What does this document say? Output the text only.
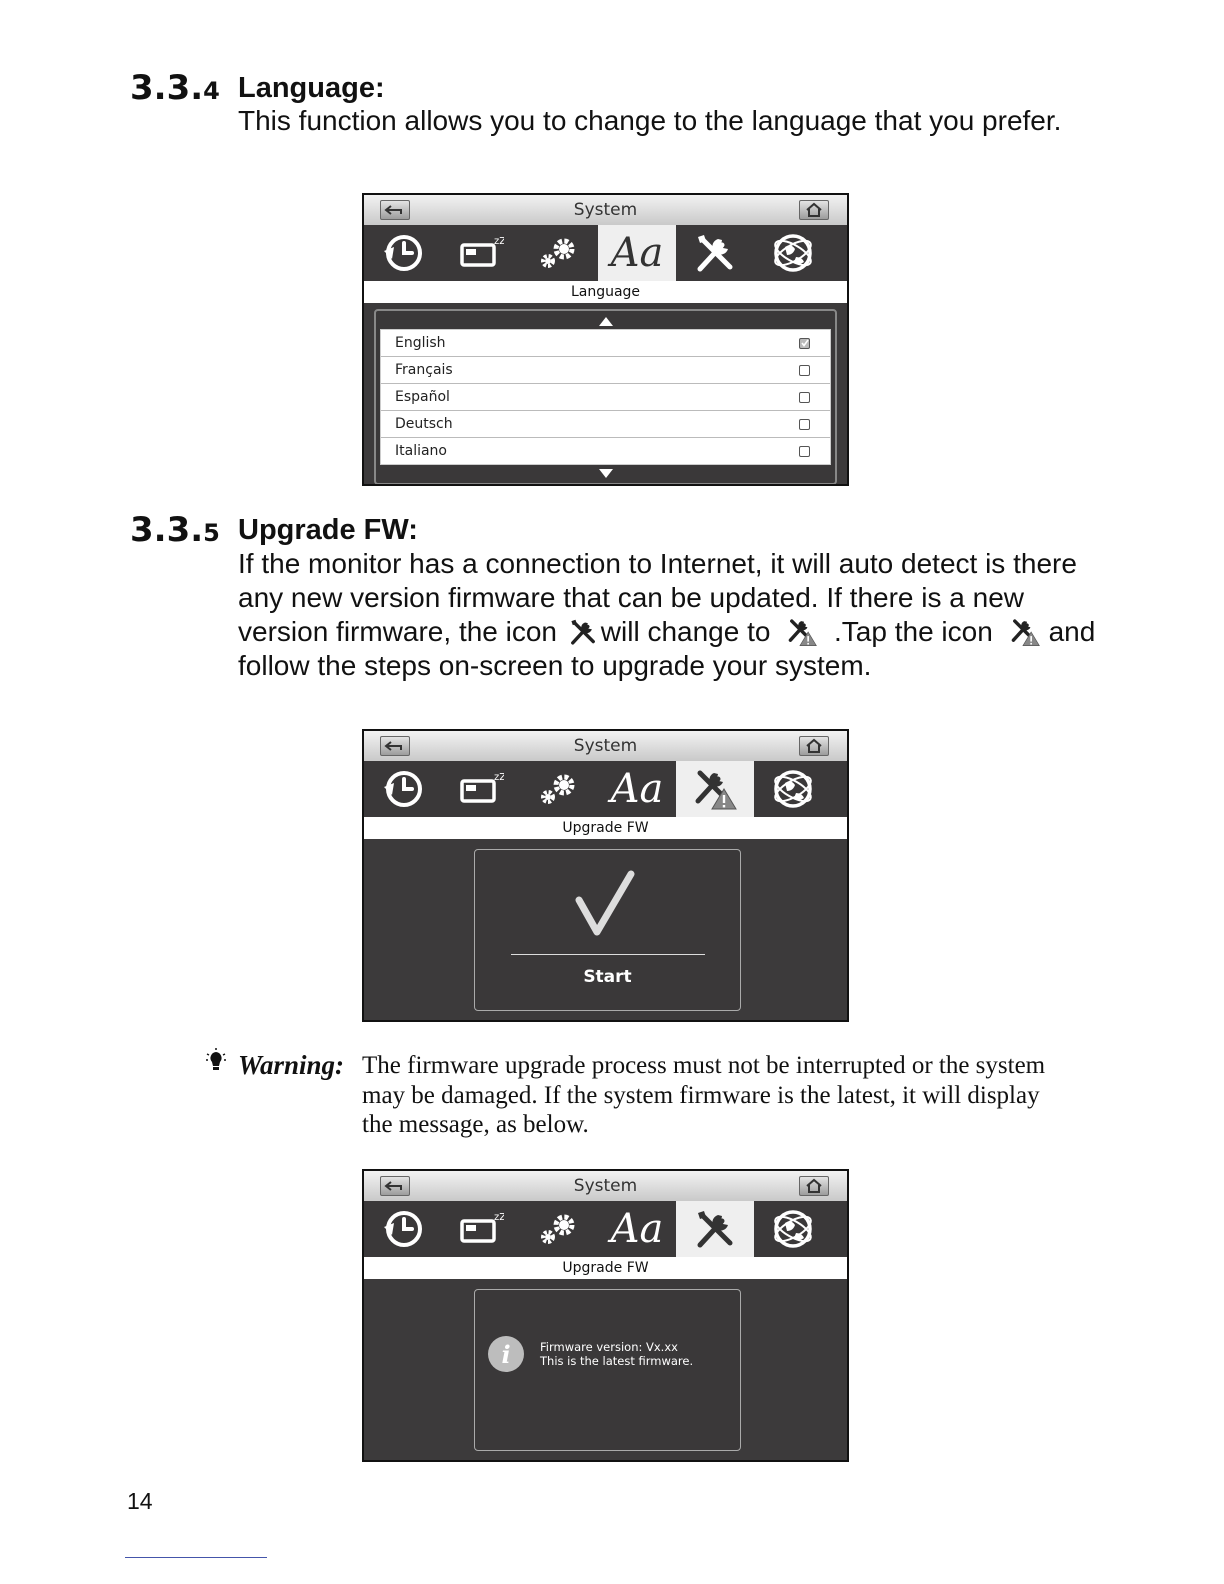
3.3.4 Language:
This function allows you to change to the language that you prefer.
System
Aa
Language
English
Français
Español
Deutsch
Italiano
3.3.5 Upgrade FW:
If the monitor has a connection to Internet, it will auto detect is there any new version firmware that can be updated. If there is a new version firmware, the icon will change to .Tap the icon and follow the steps on-screen to upgrade your system.
System
Aa
Upgrade FW
Start
Warning: The firmware upgrade process must not be interrupted or the system may be damaged. If the system firmware is the latest, it will display the message, as below.
System
Aa
Upgrade FW
i	Firmware version: Vx.xx
This is the latest firmware.
14
